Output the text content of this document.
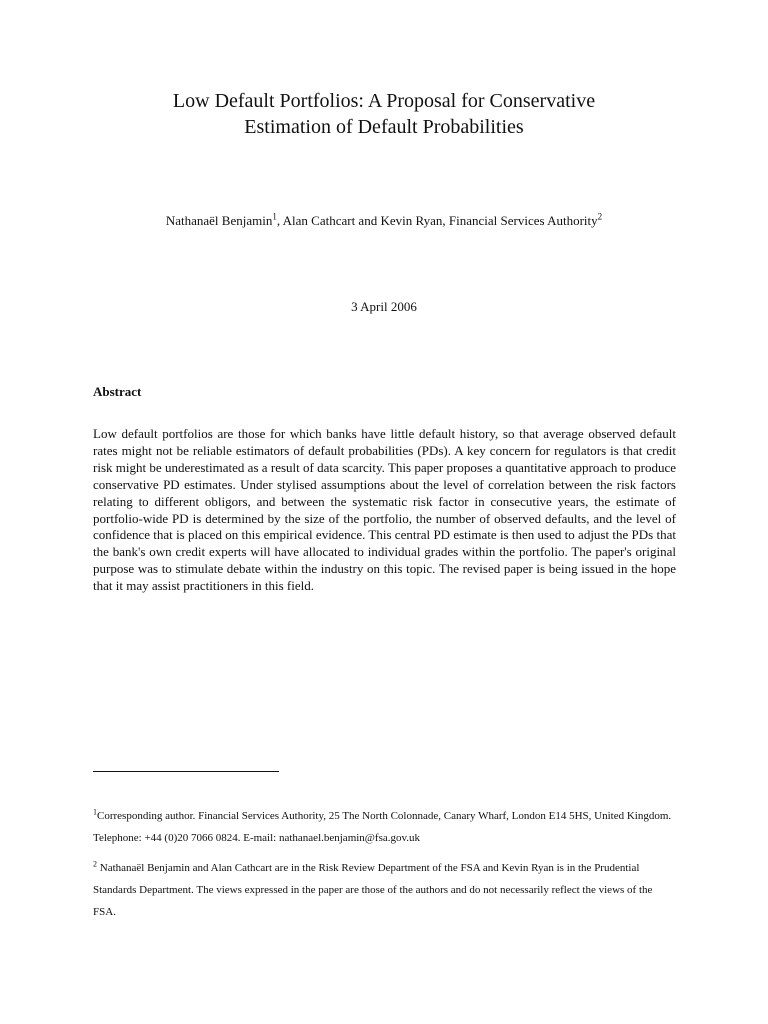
Low Default Portfolios: A Proposal for Conservative
Estimation of Default Probabilities
Nathanaël Benjamin$^1$, Alan Cathcart and Kevin Ryan, Financial Services Authority$^2$
3 April 2006
Abstract
Low default portfolios are those for which banks have little default history, so that average observed default rates might not be reliable estimators of default probabilities (PDs). A key concern for regulators is that credit risk might be underestimated as a result of data scarcity. This paper proposes a quantitative approach to produce conservative PD estimates. Under stylised assumptions about the level of correlation between the risk factors relating to different obligors, and between the systematic risk factor in consecutive years, the estimate of portfolio-wide PD is determined by the size of the portfolio, the number of observed defaults, and the level of confidence that is placed on this empirical evidence. This central PD estimate is then used to adjust the PDs that the bank's own credit experts will have allocated to individual grades within the portfolio. The paper's original purpose was to stimulate debate within the industry on this topic. The revised paper is being issued in the hope that it may assist practitioners in this field.
$^1$Corresponding author. Financial Services Authority, 25 The North Colonnade, Canary Wharf, London E14 5HS, United Kingdom. Telephone: +44 (0)20 7066 0824. E-mail: nathanael.benjamin@fsa.gov.uk
$^2$ Nathanaël Benjamin and Alan Cathcart are in the Risk Review Department of the FSA and Kevin Ryan is in the Prudential Standards Department. The views expressed in the paper are those of the authors and do not necessarily reflect the views of the FSA.
